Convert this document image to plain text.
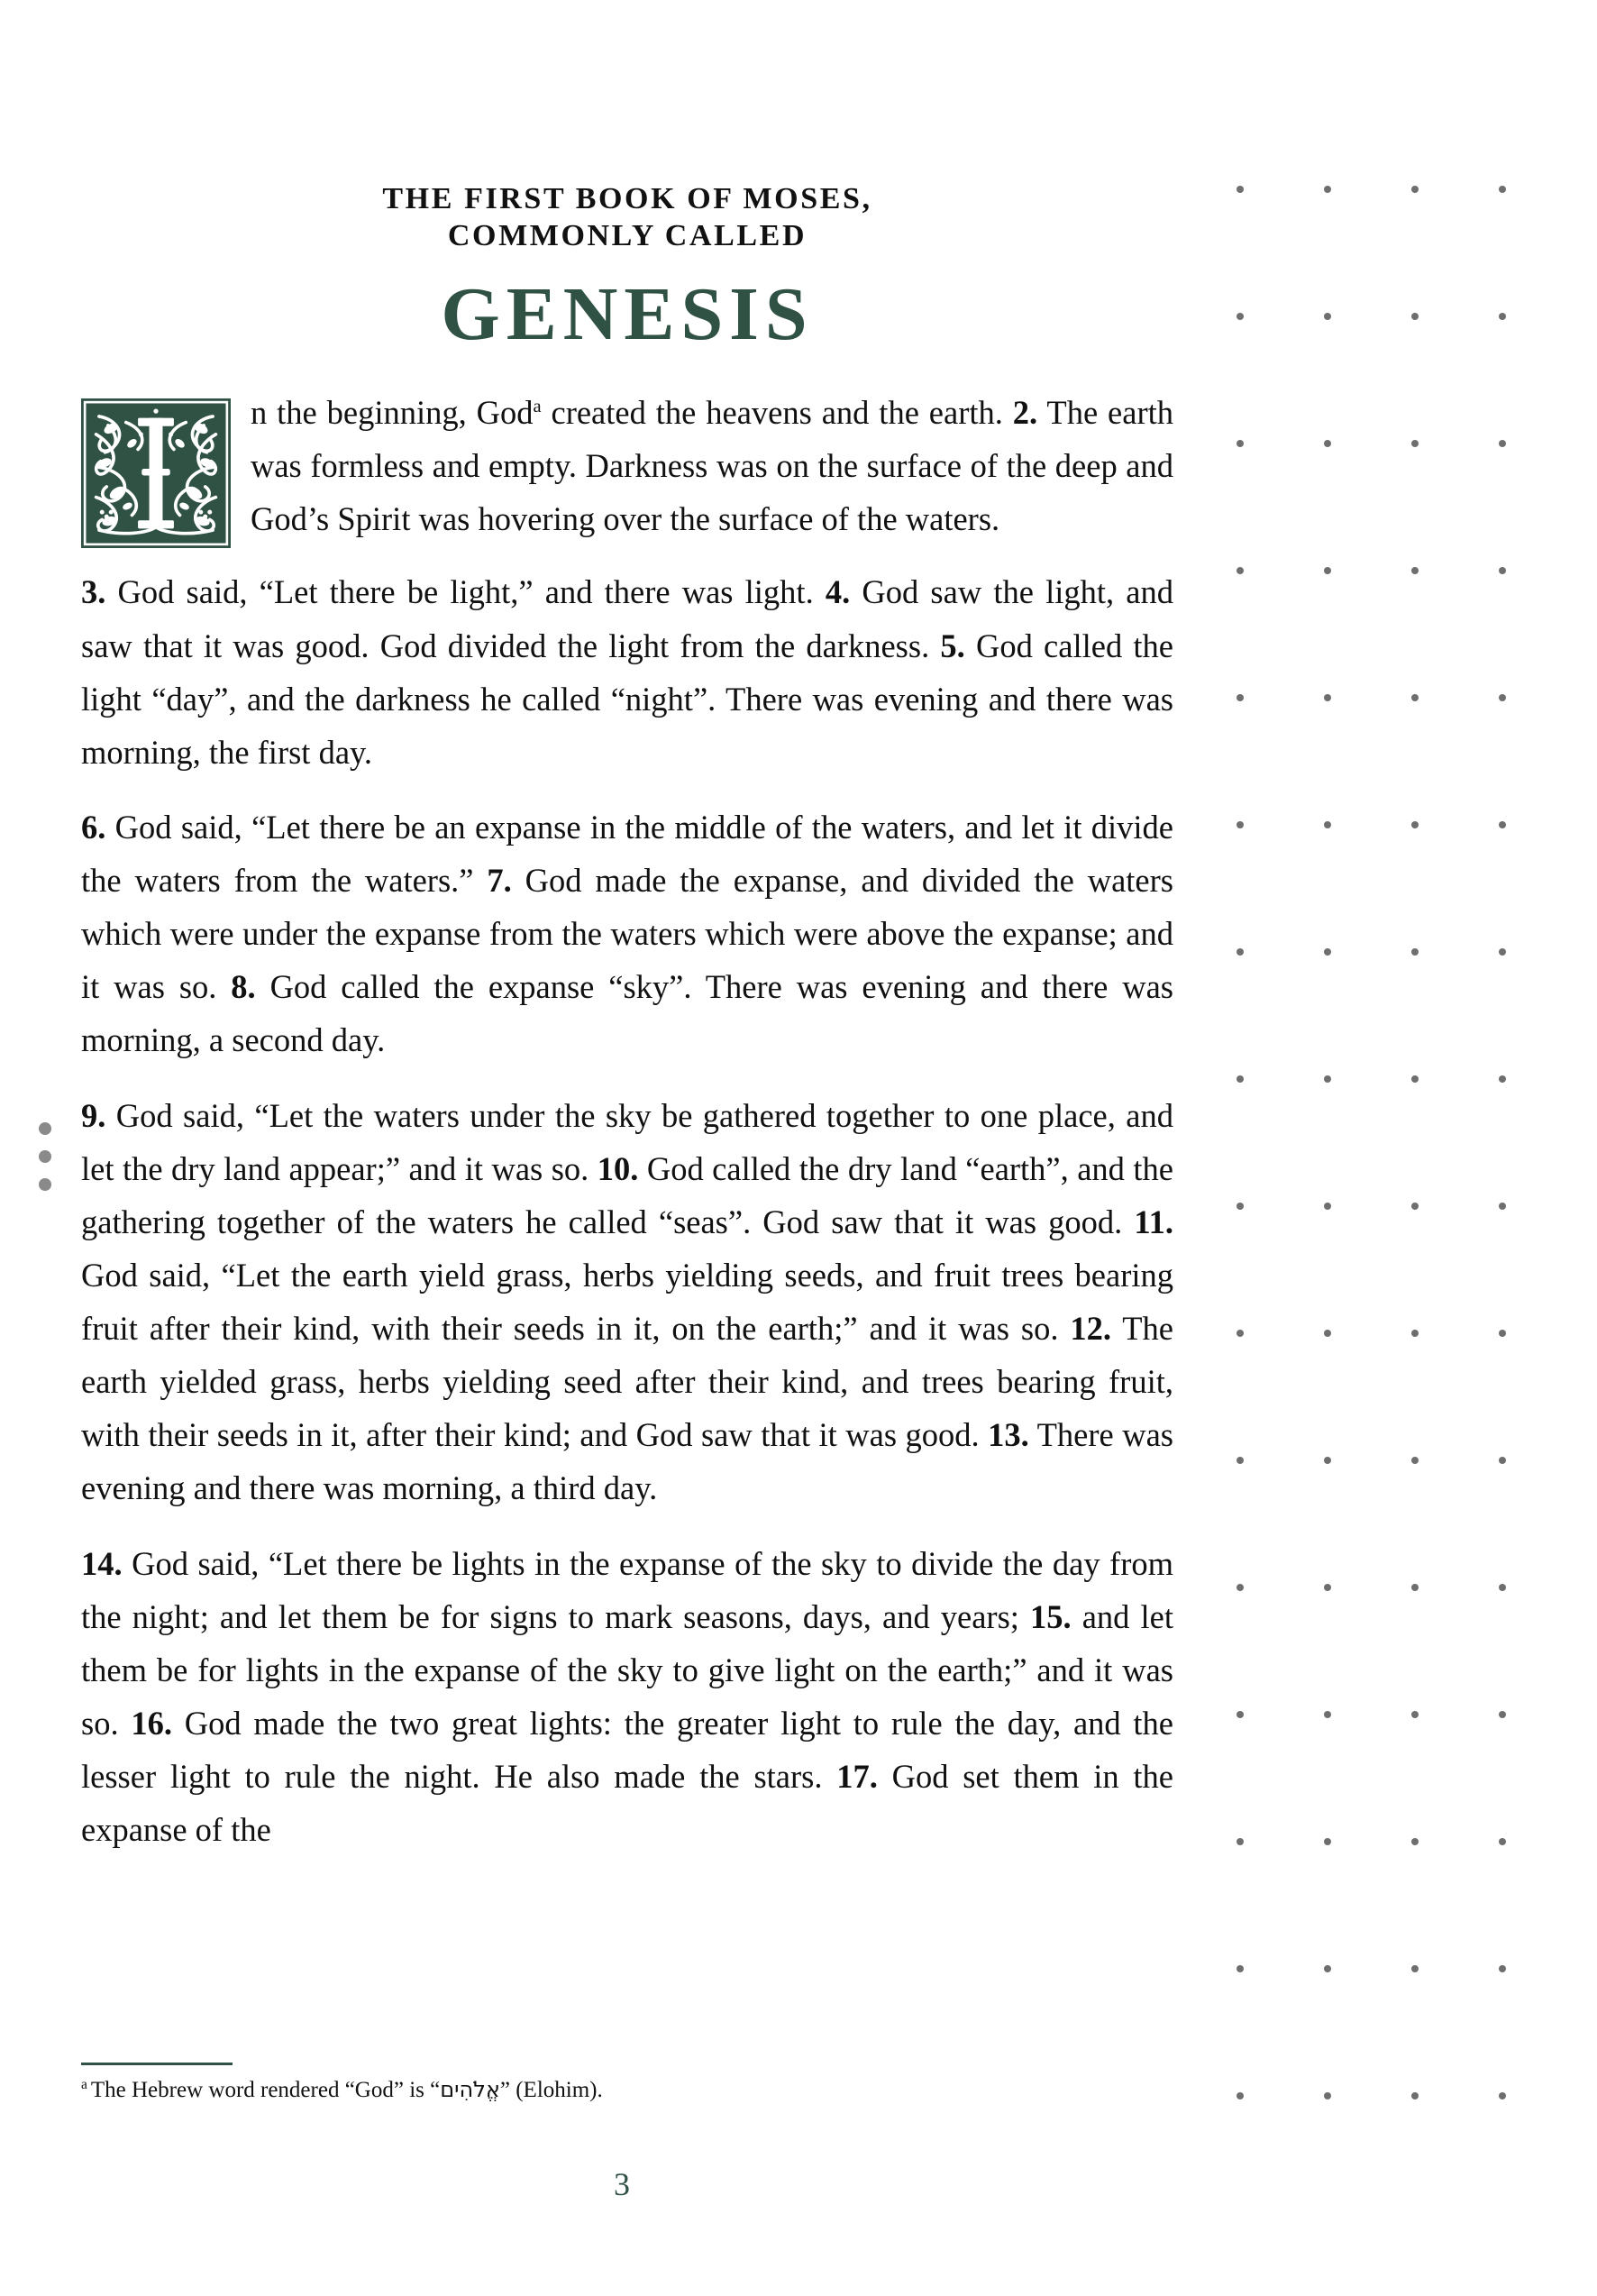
THE FIRST BOOK OF MOSES,
COMMONLY CALLED
GENESIS

n the beginning, God$^a$ created the heavens and the earth. 2. The earth was formless and empty. Darkness was on the surface of the deep and God’s Spirit was hovering over the surface of the waters.

3. God said, “Let there be light,” and there was light. 4. God saw the light, and saw that it was good. God divided the light from the darkness. 5. God called the light “day”, and the darkness he called “night”. There was evening and there was morning, the first day.

6. God said, “Let there be an expanse in the middle of the waters, and let it divide the waters from the waters.” 7. God made the expanse, and divided the waters which were under the expanse from the waters which were above the expanse; and it was so. 8. God called the expanse “sky”. There was evening and there was morning, a second day.

9. God said, “Let the waters under the sky be gathered together to one place, and let the dry land appear;” and it was so. 10. God called the dry land “earth”, and the gathering together of the waters he called “seas”. God saw that it was good. 11. God said, “Let the earth yield grass, herbs yielding seeds, and fruit trees bearing fruit after their kind, with their seeds in it, on the earth;” and it was so. 12. The earth yielded grass, herbs yielding seed after their kind, and trees bearing fruit, with their seeds in it, after their kind; and God saw that it was good. 13. There was evening and there was morning, a third day.

14. God said, “Let there be lights in the expanse of the sky to divide the day from the night; and let them be for signs to mark seasons, days, and years; 15. and let them be for lights in the expanse of the sky to give light on the earth;” and it was so. 16. God made the two great lights: the greater light to rule the day, and the lesser light to rule the night. He also made the stars. 17. God set them in the expanse of the

$^a$ The Hebrew word rendered “God” is “אֱלֹהִים” (Elohim).
3
